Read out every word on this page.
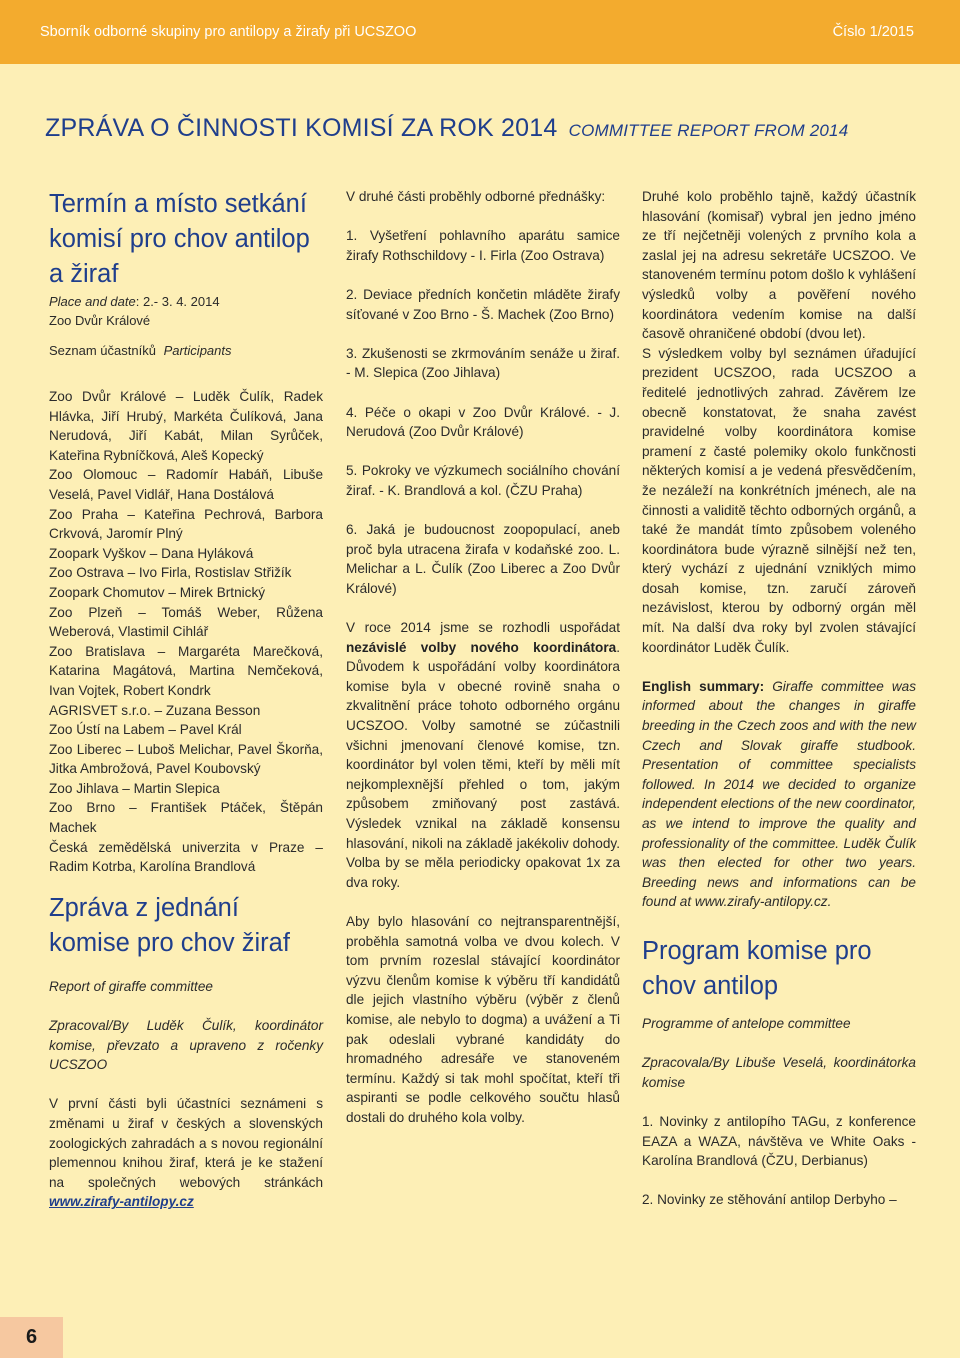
Sborník odborné skupiny pro antilopy a žirafy při UCSZOO	Číslo 1/2015
ZPRÁVA O ČINNOSTI KOMISÍ ZA ROK 2014 COMMITTEE REPORT FROM 2014
Termín a místo setkání komisí pro chov antilop a žiraf

Place and date: 2.- 3. 4. 2014

Zoo Dvůr Králové

Seznam účastníků Participants

Zoo Dvůr Králové – Luděk Čulík, Radek Hlávka, Jiří Hrubý, Markéta Čulíková, Jana Nerudová, Jiří Kabát, Milan Syrůček, Kateřina Rybníčková, Aleš Kopecký

Zoo Olomouc – Radomír Habáň, Libuše Veselá, Pavel Vidlář, Hana Dostálová

Zoo Praha – Kateřina Pechrová, Barbora Crkvová, Jaromír Plný

Zoopark Vyškov – Dana Hyláková

Zoo Ostrava – Ivo Firla, Rostislav Střižík

Zoopark Chomutov – Mirek Brtnický

Zoo Plzeň – Tomáš Weber, Růžena Weberová, Vlastimil Cihlář

Zoo Bratislava – Margaréta Marečková, Katarina Magátová, Martina Nemčeková, Ivan Vojtek, Robert Kondrk

AGRISVET s.r.o. – Zuzana Besson

Zoo Ústí na Labem – Pavel Král

Zoo Liberec – Luboš Melichar, Pavel Škorňa, Jitka Ambrožová, Pavel Koubovský

Zoo Jihlava – Martin Slepica

Zoo Brno – František Ptáček, Štěpán Machek

Česká zemědělská univerzita v Praze – Radim Kotrba, Karolína Brandlová

Zpráva z jednání komise pro chov žiraf

Report of giraffe committee

Zpracoval/By Luděk Čulík, koordinátor komise, převzato a upraveno z ročenky UCSZOO

V první části byli účastníci seznámeni s změnami u žiraf v českých a slovenských zoologických zahradách a s novou regionální plemennou knihou žiraf, která je ke stažení na společných webových stránkách www.zirafy-antilopy.cz

V druhé části proběhly odborné přednášky:

1. Vyšetření pohlavního aparátu samice žirafy Rothschildovy - I. Firla (Zoo Ostrava)

2. Deviace předních končetin mláděte žirafy síťované v Zoo Brno - Š. Machek (Zoo Brno)

3. Zkušenosti se zkrmováním senáže u žiraf. - M. Slepica (Zoo Jihlava)

4. Péče o okapi v Zoo Dvůr Králové. - J. Nerudová (Zoo Dvůr Králové)

5. Pokroky ve výzkumech sociálního chování žiraf. - K. Brandlová a kol. (ČZU Praha)

6. Jaká je budoucnost zoopopulací, aneb proč byla utracena žirafa v kodaňské zoo. L. Melichar a L. Čulík (Zoo Liberec a Zoo Dvůr Králové)

V roce 2014 jsme se rozhodli uspořádat nezávislé volby nového koordinátora. Důvodem k uspořádání volby koordinátora komise byla v obecné rovině snaha o zkvalitnění práce tohoto odborného orgánu UCSZOO. Volby samotné se zúčastnili všichni jmenovaní členové komise, tzn. koordinátor byl volen těmi, kteří by měli mít nejkomplexnější přehled o tom, jakým způsobem zmiňovaný post zastává. Výsledek vznikal na základě konsensu hlasování, nikoli na základě jakékoliv dohody. Volba by se měla periodicky opakovat 1x za dva roky.

Aby bylo hlasování co nejtransparentnější, proběhla samotná volba ve dvou kolech. V tom prvním rozeslal stávající koordinátor výzvu členům komise k výběru tří kandidátů dle jejich vlastního výběru (výběr z členů komise, ale nebylo to dogma) a uvážení a Ti pak odeslali vybrané kandidáty do hromadného adresáře ve stanoveném termínu. Každý si tak mohl spočítat, kteří tři aspiranti se podle celkového součtu hlasů dostali do druhého kola volby.

Druhé kolo proběhlo tajně, každý účastník hlasování (komisař) vybral jen jedno jméno ze tří nejčetněji volených z prvního kola a zaslal jej na adresu sekretáře UCSZOO. Ve stanoveném termínu potom došlo k vyhlášení výsledků volby a pověření nového koordinátora vedením komise na další časově ohraničené období (dvou let).

S výsledkem volby byl seznámen úřadující prezident UCSZOO, rada UCSZOO a ředitelé jednotlivých zahrad. Závěrem lze obecně konstatovat, že snaha zavést pravidelné volby koordinátora komise pramení z časté polemiky okolo funkčnosti některých komisí a je vedená přesvědčením, že nezáleží na konkrétních jménech, ale na činnosti a validitě těchto odborných orgánů, a také že mandát tímto způsobem voleného koordinátora bude výrazně silnější než ten, který vychází z ujednání vzniklých mimo dosah komise, tzn. zaručí zároveň nezávislost, kterou by odborný orgán měl mít. Na další dva roky byl zvolen stávající koordinátor Luděk Čulík.

English summary: Giraffe committee was informed about the changes in giraffe breeding in the Czech zoos and with the new Czech and Slovak giraffe studbook. Presentation of committee specialists followed. In 2014 we decided to organize independent elections of the new coordinator, as we intend to improve the quality and professionality of the committee. Luděk Čulík was then elected for other two years. Breeding news and informations can be found at www.zirafy-antilopy.cz.

Program komise pro chov antilop

Programme of antelope committee

Zpracovala/By Libuše Veselá, koordinátorka komise

1. Novinky z antilopího TAGu, z konference EAZA a WAZA, návštěva ve White Oaks - Karolína Brandlová (ČZU, Derbianus)

2. Novinky ze stěhování antilop Derbyho –

6
